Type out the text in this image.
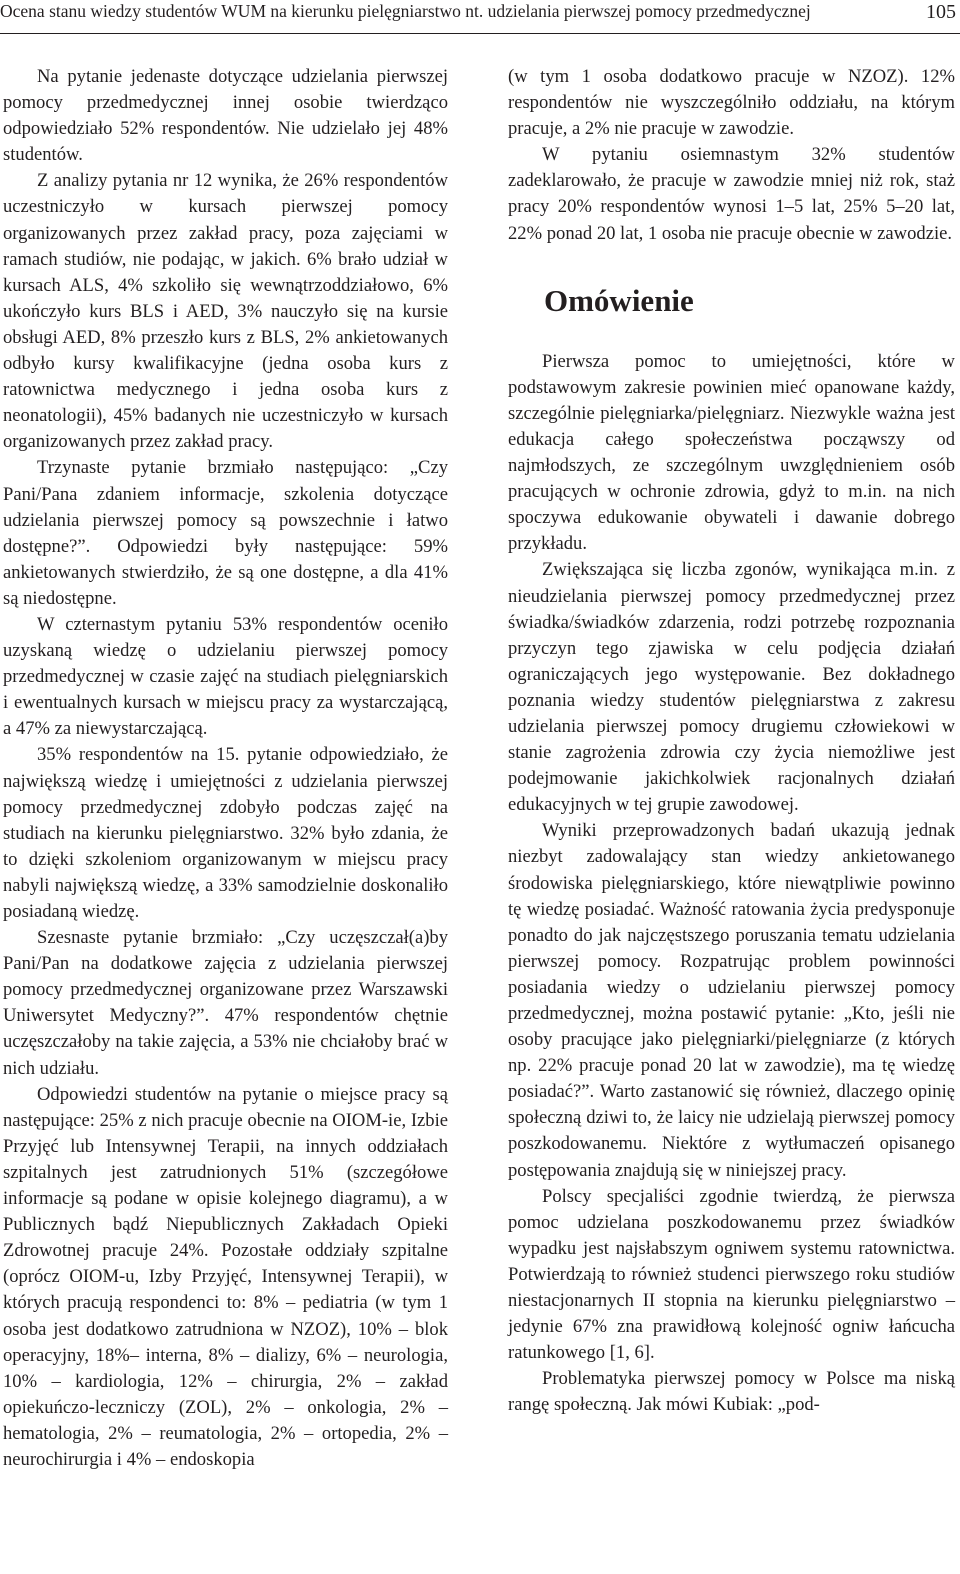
Ocena stanu wiedzy studentów WUM na kierunku pielęgniarstwo nt. udzielania pierwszej pomocy przedmedycznej	105

Na pytanie jedenaste dotyczące udzielania pierwszej pomocy przedmedycznej innej osobie twierdząco odpowiedziało 52% respondentów. Nie udzielało jej 48% studentów.

Z analizy pytania nr 12 wynika, że 26% respondentów uczestniczyło w kursach pierwszej pomocy organizowanych przez zakład pracy, poza zajęciami w ramach studiów, nie podając, w jakich. 6% brało udział w kursach ALS, 4% szkoliło się wewnątrzoddziałowo, 6% ukończyło kurs BLS i AED, 3% nauczyło się na kursie obsługi AED, 8% przeszło kurs z BLS, 2% ankietowanych odbyło kursy kwalifikacyjne (jedna osoba kurs z ratownictwa medycznego i jedna osoba kurs z neonatologii), 45% badanych nie uczestniczyło w kursach organizowanych przez zakład pracy.

Trzynaste pytanie brzmiało następująco: „Czy Pani/Pana zdaniem informacje, szkolenia dotyczące udzielania pierwszej pomocy są powszechnie i łatwo dostępne?”. Odpowiedzi były następujące: 59% ankietowanych stwierdziło, że są one dostępne, a dla 41% są niedostępne.

W czternastym pytaniu 53% respondentów oceniło uzyskaną wiedzę o udzielaniu pierwszej pomocy przedmedycznej w czasie zajęć na studiach pielęgniarskich i ewentualnych kursach w miejscu pracy za wystarczającą, a 47% za niewystarczającą.

35% respondentów na 15. pytanie odpowiedziało, że największą wiedzę i umiejętności z udzielania pierwszej pomocy przedmedycznej zdobyło podczas zajęć na studiach na kierunku pielęgniarstwo. 32% było zdania, że to dzięki szkoleniom organizowanym w miejscu pracy nabyli największą wiedzę, a 33% samodzielnie doskonaliło posiadaną wiedzę.

Szesnaste pytanie brzmiało: „Czy uczęszczał(a)by Pani/Pan na dodatkowe zajęcia z udzielania pierwszej pomocy przedmedycznej organizowane przez Warszawski Uniwersytet Medyczny?”. 47% respondentów chętnie uczęszczałoby na takie zajęcia, a 53% nie chciałoby brać w nich udziału.

Odpowiedzi studentów na pytanie o miejsce pracy są następujące: 25% z nich pracuje obecnie na OIOM-ie, Izbie Przyjęć lub Intensywnej Terapii, na innych oddziałach szpitalnych jest zatrudnionych 51% (szczegółowe informacje są podane w opisie kolejnego diagramu), a w Publicznych bądź Niepublicznych Zakładach Opieki Zdrowotnej pracuje 24%. Pozostałe oddziały szpitalne (oprócz OIOM-u, Izby Przyjęć, Intensywnej Terapii), w których pracują respondenci to: 8% – pediatria (w tym 1 osoba jest dodatkowo zatrudniona w NZOZ), 10% – blok operacyjny, 18%– interna, 8% – dializy, 6% – neurologia, 10% – kardiologia, 12% – chirurgia, 2% – zakład opiekuńczo-leczniczy (ZOL), 2% – onkologia, 2% – hematologia, 2% – reumatologia, 2% – ortopedia, 2% – neurochirurgia i 4% – endoskopia

(w tym 1 osoba dodatkowo pracuje w NZOZ). 12% respondentów nie wyszczególniło oddziału, na którym pracuje, a 2% nie pracuje w zawodzie.

W pytaniu osiemnastym 32% studentów zadeklarowało, że pracuje w zawodzie mniej niż rok, staż pracy 20% respondentów wynosi 1–5 lat, 25% 5–20 lat, 22% ponad 20 lat, 1 osoba nie pracuje obecnie w zawodzie.

Omówienie

Pierwsza pomoc to umiejętności, które w podstawowym zakresie powinien mieć opanowane każdy, szczególnie pielęgniarka/pielęgniarz. Niezwykle ważna jest edukacja całego społeczeństwa począwszy od najmłodszych, ze szczególnym uwzględnieniem osób pracujących w ochronie zdrowia, gdyż to m.in. na nich spoczywa edukowanie obywateli i dawanie dobrego przykładu.

Zwiększająca się liczba zgonów, wynikająca m.in. z nieudzielania pierwszej pomocy przedmedycznej przez świadka/świadków zdarzenia, rodzi potrzebę rozpoznania przyczyn tego zjawiska w celu podjęcia działań ograniczających jego występowanie. Bez dokładnego poznania wiedzy studentów pielęgniarstwa z zakresu udzielania pierwszej pomocy drugiemu człowiekowi w stanie zagrożenia zdrowia czy życia niemożliwe jest podejmowanie jakichkolwiek racjonalnych działań edukacyjnych w tej grupie zawodowej.

Wyniki przeprowadzonych badań ukazują jednak niezbyt zadowalający stan wiedzy ankietowanego środowiska pielęgniarskiego, które niewątpliwie powinno tę wiedzę posiadać. Ważność ratowania życia predysponuje ponadto do jak najczęstszego poruszania tematu udzielania pierwszej pomocy. Rozpatrując problem powinności posiadania wiedzy o udzielaniu pierwszej pomocy przedmedycznej, można postawić pytanie: „Kto, jeśli nie osoby pracujące jako pielęgniarki/pielęgniarze (z których np. 22% pracuje ponad 20 lat w zawodzie), ma tę wiedzę posiadać?”. Warto zastanowić się również, dlaczego opinię społeczną dziwi to, że laicy nie udzielają pierwszej pomocy poszkodowanemu. Niektóre z wytłumaczeń opisanego postępowania znajdują się w niniejszej pracy.

Polscy specjaliści zgodnie twierdzą, że pierwsza pomoc udzielana poszkodowanemu przez świadków wypadku jest najsłabszym ogniwem systemu ratownictwa. Potwierdzają to również studenci pierwszego roku studiów niestacjonarnych II stopnia na kierunku pielęgniarstwo – jedynie 67% zna prawidłową kolejność ogniw łańcucha ratunkowego [1, 6].

Problematyka pierwszej pomocy w Polsce ma niską rangę społeczną. Jak mówi Kubiak: „pod-
